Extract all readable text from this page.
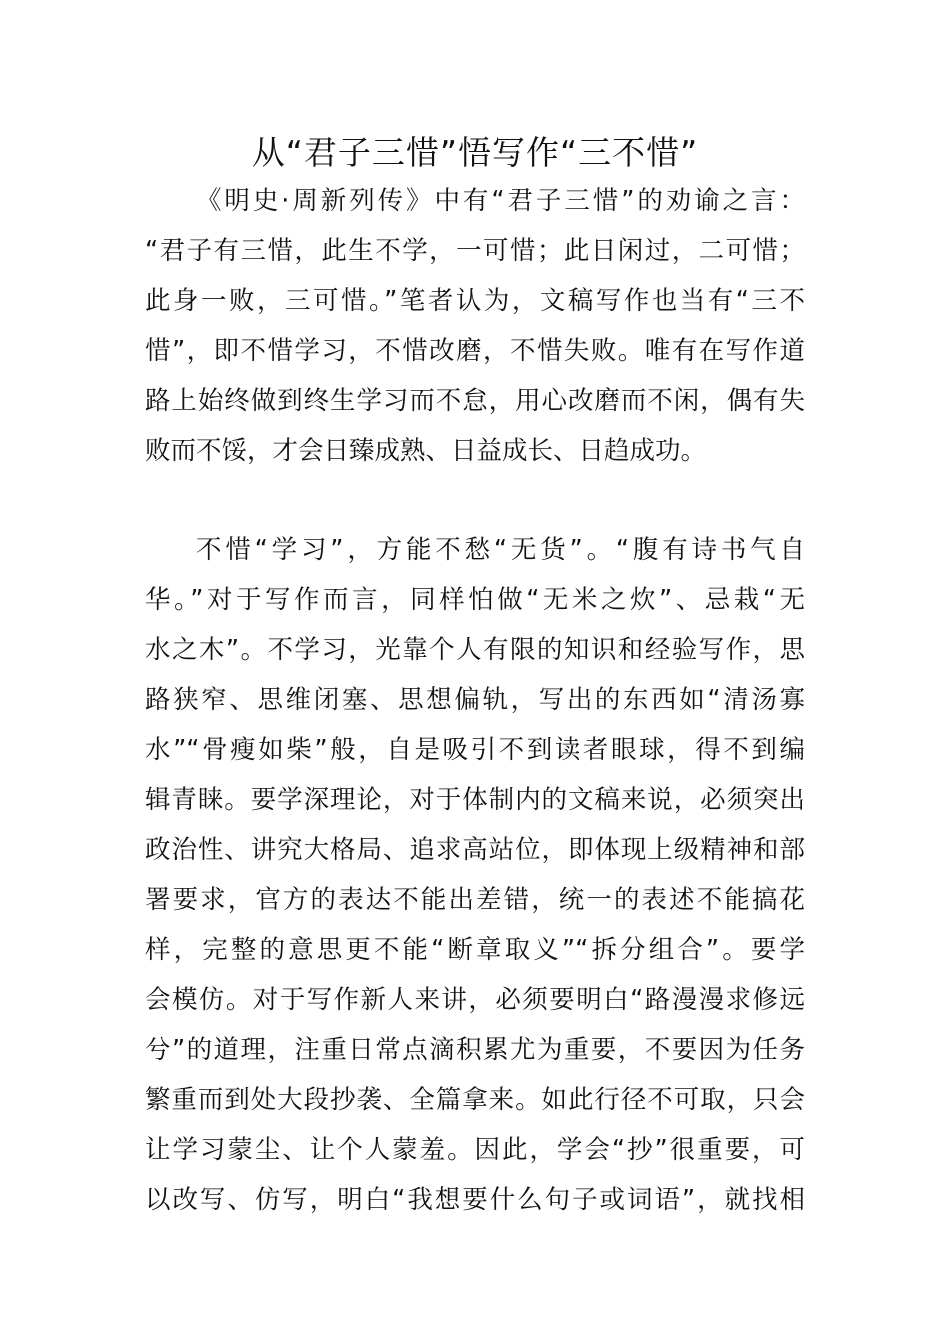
从“君子三惜”悟写作“三不惜”

《明史·周新列传》中有“君子三惜”的劝谕之言：

“君子有三惜，此生不学，一可惜；此日闲过，二可惜；

此身一败，三可惜。”笔者认为，文稿写作也当有“三不

惜”，即不惜学习，不惜改磨，不惜失败。唯有在写作道

路上始终做到终生学习而不怠，用心改磨而不闲，偶有失

败而不馁，才会日臻成熟、日益成长、日趋成功。

不惜“学习”，方能不愁“无货”。“腹有诗书气自

华。”对于写作而言，同样怕做“无米之炊”、忌栽“无

水之木”。不学习，光靠个人有限的知识和经验写作，思

路狭窄、思维闭塞、思想偏轨，写出的东西如“清汤寡

水”“骨瘦如柴”般，自是吸引不到读者眼球，得不到编

辑青睐。要学深理论，对于体制内的文稿来说，必须突出

政治性、讲究大格局、追求高站位，即体现上级精神和部

署要求，官方的表达不能出差错，统一的表述不能搞花

样，完整的意思更不能“断章取义”“拆分组合”。要学

会模仿。对于写作新人来讲，必须要明白“路漫漫求修远

兮”的道理，注重日常点滴积累尤为重要，不要因为任务

繁重而到处大段抄袭、全篇拿来。如此行径不可取，只会

让学习蒙尘、让个人蒙羞。因此，学会“抄”很重要，可

以改写、仿写，明白“我想要什么句子或词语”，就找相
